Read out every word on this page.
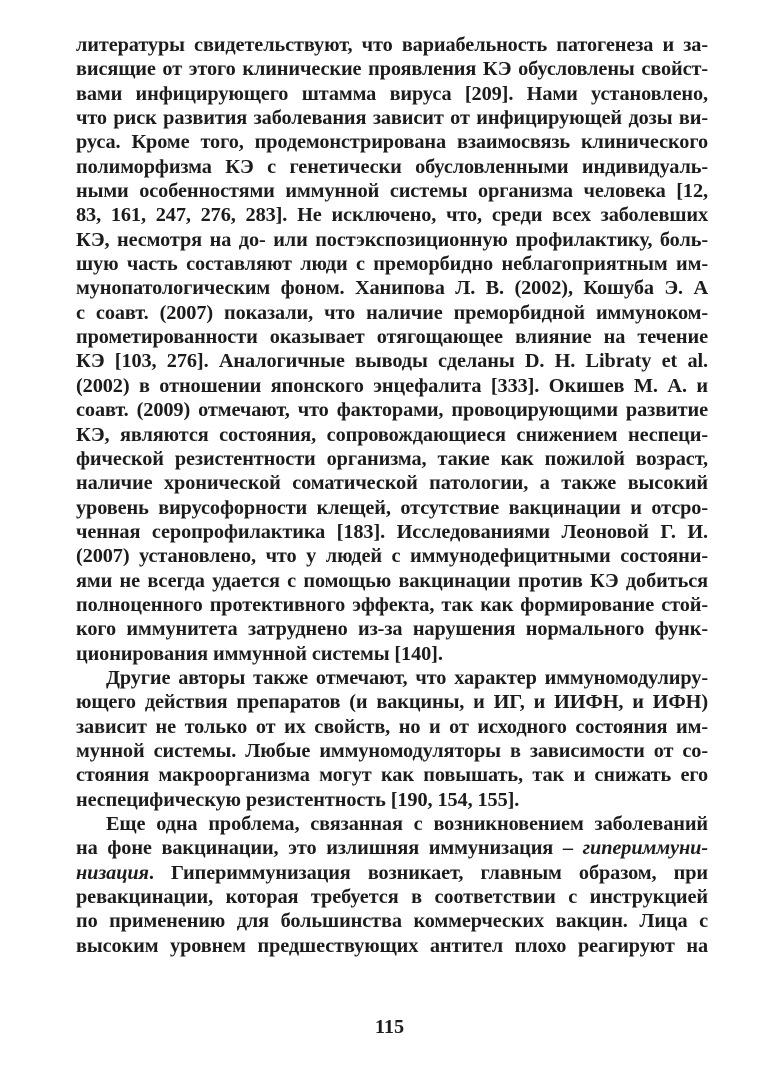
литературы свидетельствуют, что вариабельность патогенеза и за-
висящие от этого клинические проявления КЭ обусловлены свойст-
вами инфицирующего штамма вируса [209]. Нами установлено,
что риск развития заболевания зависит от инфицирующей дозы ви-
руса. Кроме того, продемонстрирована взаимосвязь клинического
полиморфизма КЭ с генетически обусловленными индивидуаль-
ными особенностями иммунной системы организма человека [12,
83, 161, 247, 276, 283]. Не исключено, что, среди всех заболевших
КЭ, несмотря на до- или постэкспозиционную профилактику, боль-
шую часть составляют люди с преморбидно неблагоприятным им-
мунопатологическим фоном. Ханипова Л. В. (2002), Кошуба Э. А
с соавт. (2007) показали, что наличие преморбидной иммуноком-
прометированности оказывает отягощающее влияние на течение
КЭ [103, 276]. Аналогичные выводы сделаны D. H. Libraty et al.
(2002) в отношении японского энцефалита [333]. Окишев М. А. и
соавт. (2009) отмечают, что факторами, провоцирующими развитие
КЭ, являются состояния, сопровождающиеся снижением неспеци-
фической резистентности организма, такие как пожилой возраст,
наличие хронической соматической патологии, а также высокий
уровень вирусофорности клещей, отсутствие вакцинации и отсро-
ченная серопрофилактика [183]. Исследованиями Леоновой Г. И.
(2007) установлено, что у людей с иммунодефицитными состояни-
ями не всегда удается с помощью вакцинации против КЭ добиться
полноценного протективного эффекта, так как формирование стой-
кого иммунитета затруднено из-за нарушения нормального функ-
ционирования иммунной системы [140].
Другие авторы также отмечают, что характер иммуномодулиру-
ющего действия препаратов (и вакцины, и ИГ, и ИИФН, и ИФН)
зависит не только от их свойств, но и от исходного состояния им-
мунной системы. Любые иммуномодуляторы в зависимости от со-
стояния макроорганизма могут как повышать, так и снижать его
неспецифическую резистентность [190, 154, 155].
Еще одна проблема, связанная с возникновением заболеваний
на фоне вакцинации, это излишняя иммунизация – гипериммуни-
низация. Гипериммунизация возникает, главным образом, при
ревакцинации, которая требуется в соответствии с инструкцией
по применению для большинства коммерческих вакцин. Лица с
высоким уровнем предшествующих антител плохо реагируют на
115
